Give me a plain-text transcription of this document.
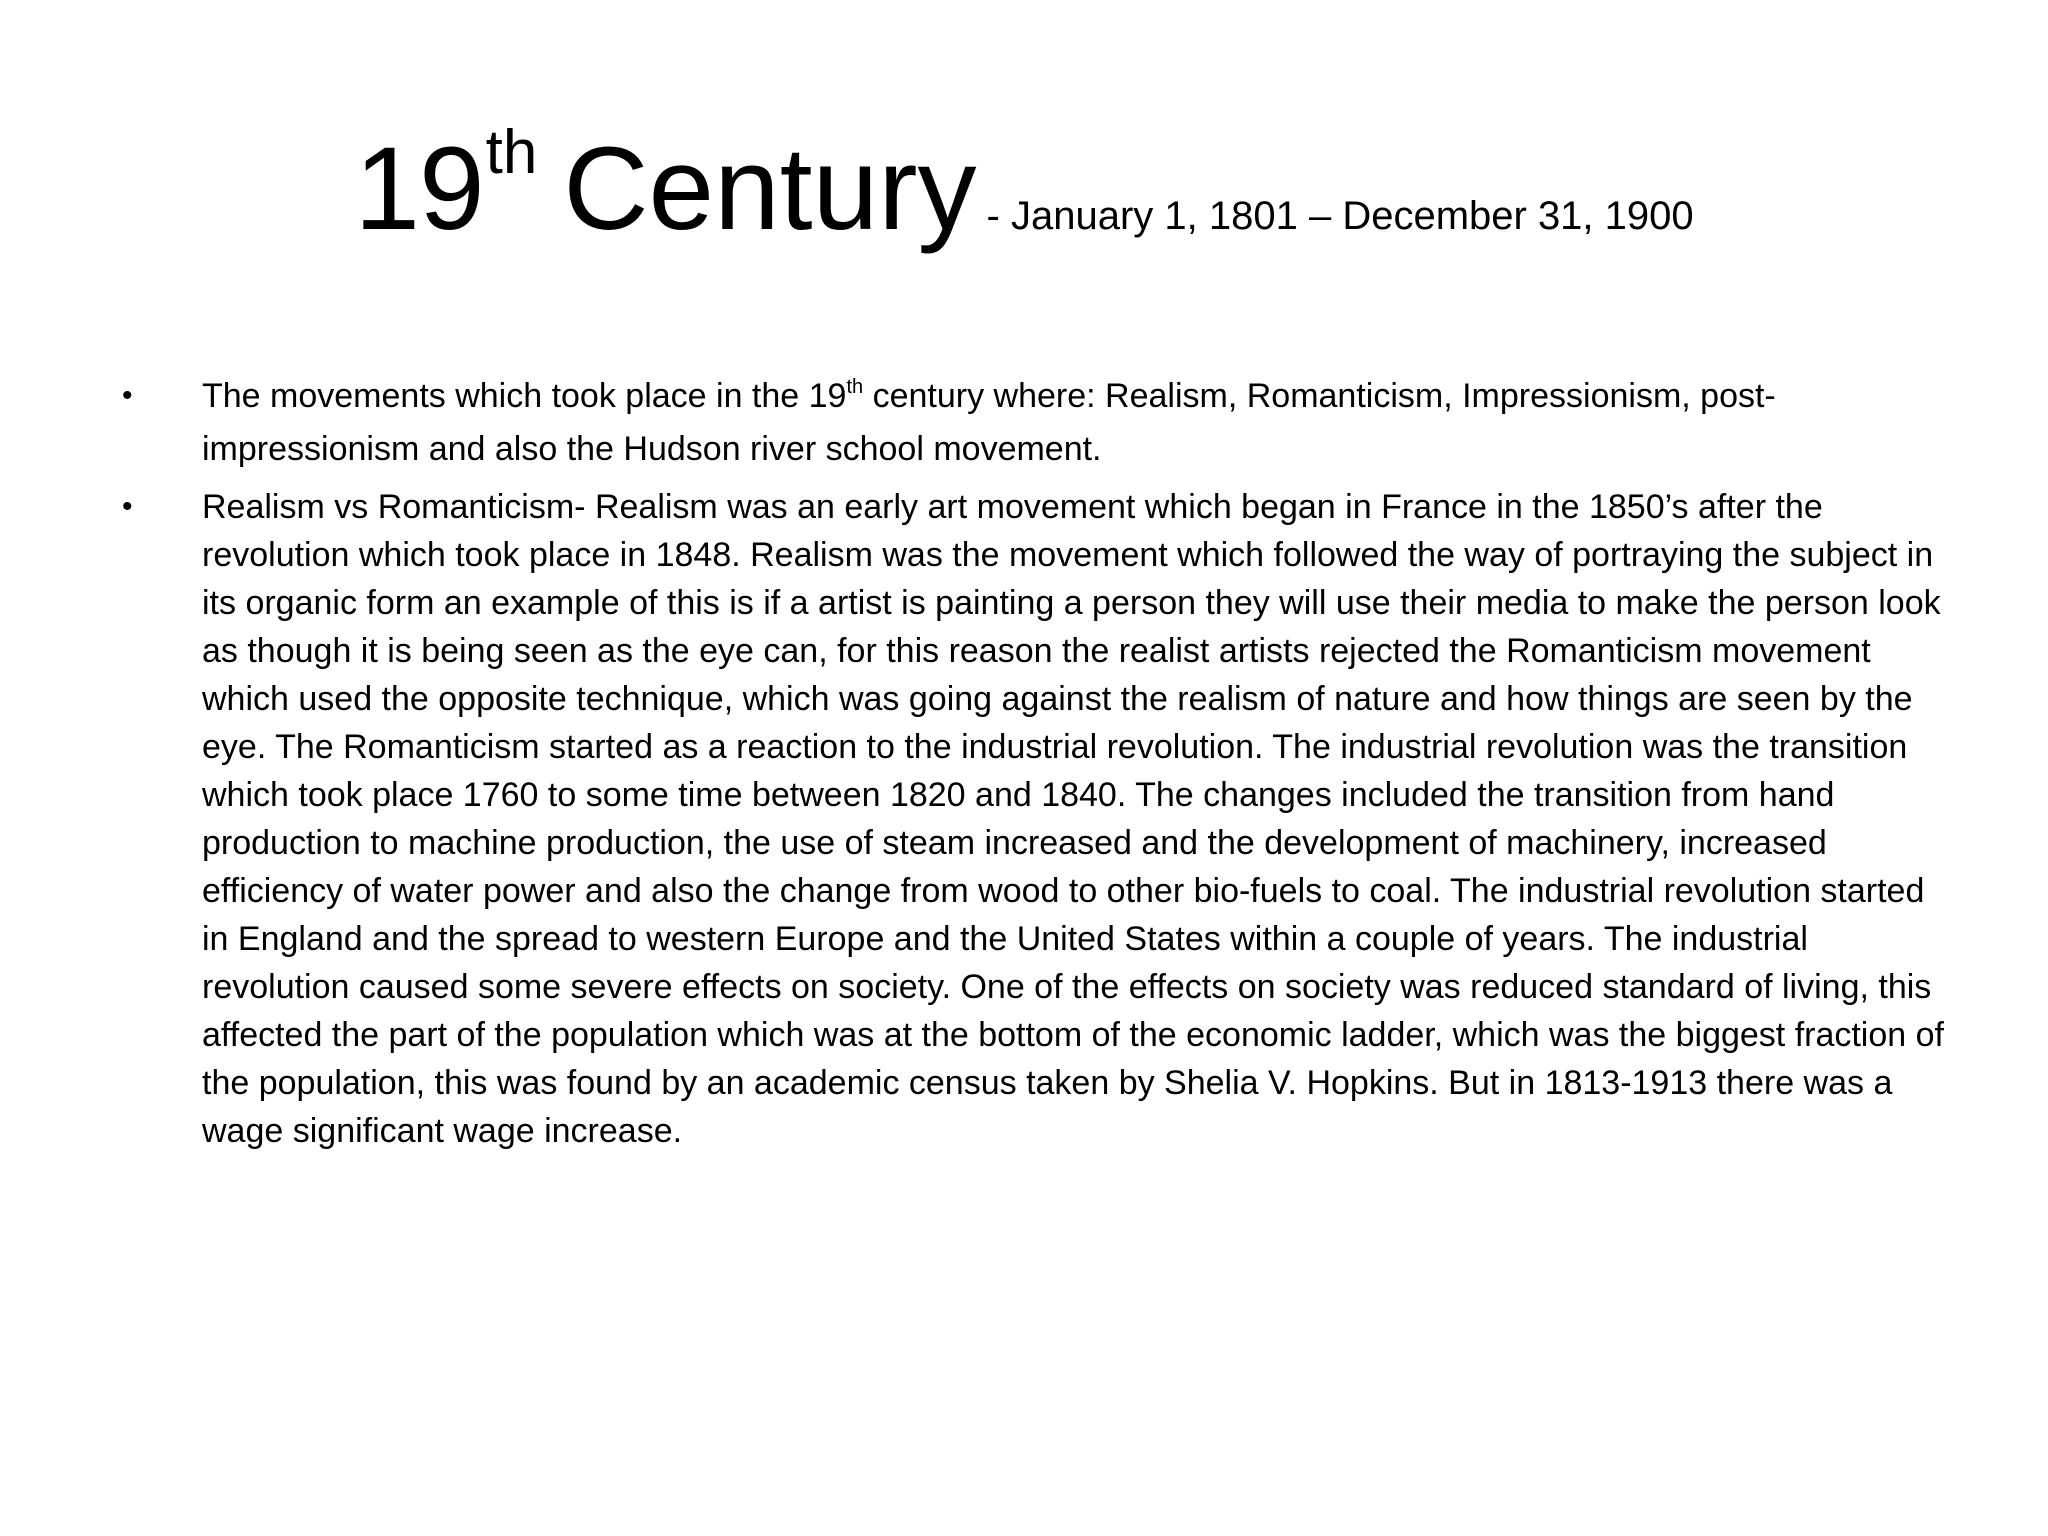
19th Century - January 1, 1801 – December 31, 1900
• The movements which took place in the 19th century where: Realism, Romanticism, Impressionism, post-impressionism and also the Hudson river school movement.
• Realism vs Romanticism- Realism was an early art movement which began in France in the 1850’s after the revolution which took place in 1848. Realism was the movement which followed the way of portraying the subject in its organic form an example of this is if a artist is painting a person they will use their media to make the person look as though it is being seen as the eye can, for this reason the realist artists rejected the Romanticism movement which used the opposite technique, which was going against the realism of nature and how things are seen by the eye. The Romanticism started as a reaction to the industrial revolution. The industrial revolution was the transition which took place 1760 to some time between 1820 and 1840. The changes included the transition from hand production to machine production, the use of steam increased and the development of machinery, increased efficiency of water power and also the change from wood to other bio-fuels to coal. The industrial revolution started in England and the spread to western Europe and the United States within a couple of years. The industrial revolution caused some severe effects on society. One of the effects on society was reduced standard of living, this affected the part of the population which was at the bottom of the economic ladder, which was the biggest fraction of the population, this was found by an academic census taken by Shelia V. Hopkins. But in 1813-1913 there was a wage significant wage increase.
